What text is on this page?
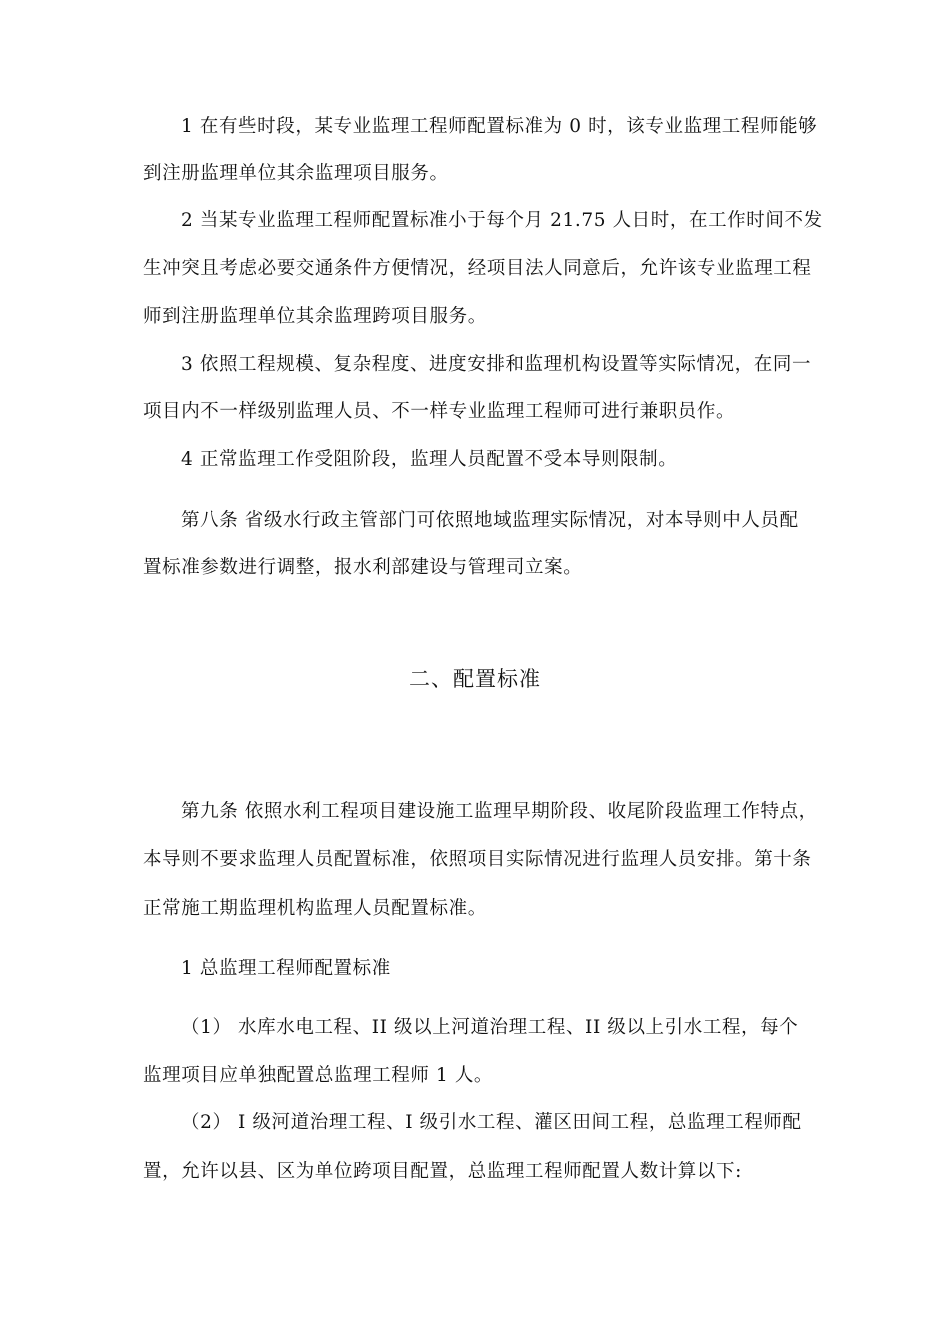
1 在有些时段，某专业监理工程师配置标准为 0 时，该专业监理工程师能够
到注册监理单位其余监理项目服务。
2 当某专业监理工程师配置标准小于每个月 21.75 人日时，在工作时间不发
生冲突且考虑必要交通条件方便情况，经项目法人同意后，允许该专业监理工程
师到注册监理单位其余监理跨项目服务。
3 依照工程规模、复杂程度、进度安排和监理机构设置等实际情况，在同一
项目内不一样级别监理人员、不一样专业监理工程师可进行兼职员作。
4 正常监理工作受阻阶段，监理人员配置不受本导则限制。
第八条 省级水行政主管部门可依照地域监理实际情况，对本导则中人员配
置标准参数进行调整，报水利部建设与管理司立案。
二、配置标准
第九条 依照水利工程项目建设施工监理早期阶段、收尾阶段监理工作特点，
本导则不要求监理人员配置标准，依照项目实际情况进行监理人员安排。第十条
正常施工期监理机构监理人员配置标准。
1 总监理工程师配置标准
（1） 水库水电工程、II 级以上河道治理工程、II 级以上引水工程，每个
监理项目应单独配置总监理工程师 1 人。
（2） I 级河道治理工程、I 级引水工程、灌区田间工程，总监理工程师配
置，允许以县、区为单位跨项目配置，总监理工程师配置人数计算以下:
